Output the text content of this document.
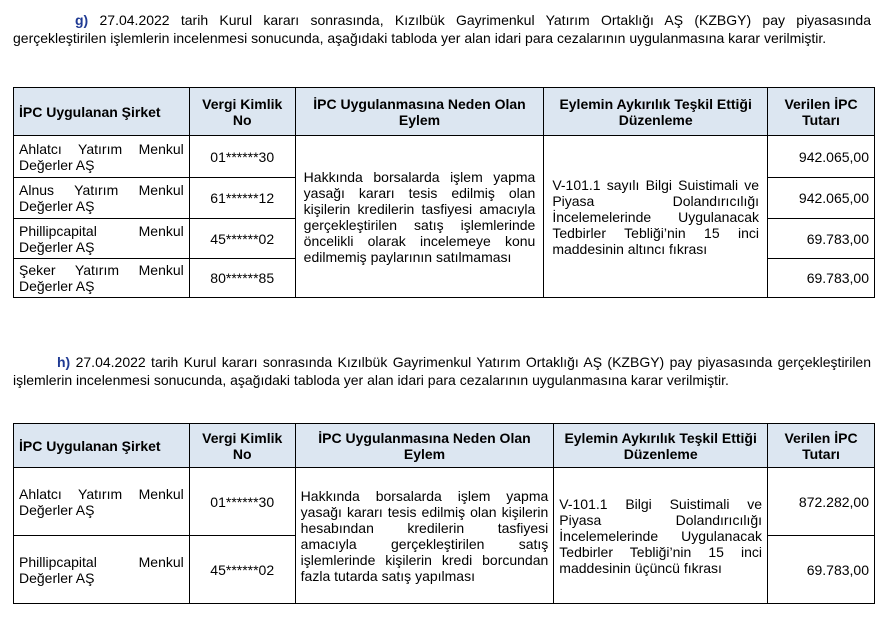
g) 27.04.2022 tarih Kurul kararı sonrasında, Kızılbük Gayrimenkul Yatırım Ortaklığı AŞ (KZBGY) pay piyasasında gerçekleştirilen işlemlerin incelenmesi sonucunda, aşağıdaki tabloda yer alan idari para cezalarının uygulanmasına karar verilmiştir.
İPC Uygulanan Şirket	Vergi Kimlik No	İPC Uygulanmasına Neden Olan Eylem	Eylemin Aykırılık Teşkil Ettiği Düzenleme	Verilen İPC Tutarı
Ahlatcı Yatırım Menkul Değerler AŞ	01******30	Hakkında borsalarda işlem yapma yasağı kararı tesis edilmiş olan kişilerin kredilerin tasfiyesi amacıyla gerçekleştirilen satış işlemlerinde öncelikli olarak incelemeye konu edilmemiş paylarının satılmaması	V-101.1 sayılı Bilgi Suistimali ve Piyasa Dolandırıcılığı İncelemelerinde Uygulanacak Tedbirler Tebliği’nin 15 inci maddesinin altıncı fıkrası	942.065,00
Alnus Yatırım Menkul Değerler AŞ	61******12			942.065,00
Phillipcapital Menkul Değerler AŞ	45******02			69.783,00
Şeker Yatırım Menkul Değerler AŞ	80******85			69.783,00
h) 27.04.2022 tarih Kurul kararı sonrasında Kızılbük Gayrimenkul Yatırım Ortaklığı AŞ (KZBGY) pay piyasasında gerçekleştirilen işlemlerin incelenmesi sonucunda, aşağıdaki tabloda yer alan idari para cezalarının uygulanmasına karar verilmiştir.
İPC Uygulanan Şirket	Vergi Kimlik No	İPC Uygulanmasına Neden Olan Eylem	Eylemin Aykırılık Teşkil Ettiği Düzenleme	Verilen İPC Tutarı
Ahlatcı Yatırım Menkul Değerler AŞ	01******30	Hakkında borsalarda işlem yapma yasağı kararı tesis edilmiş olan kişilerin hesabından kredilerin tasfiyesi amacıyla gerçekleştirilen satış işlemlerinde kişilerin kredi borcundan fazla tutarda satış yapılması	V-101.1 Bilgi Suistimali ve Piyasa Dolandırıcılığı İncelemelerinde Uygulanacak Tedbirler Tebliği’nin 15 inci maddesinin üçüncü fıkrası	872.282,00
Phillipcapital Menkul Değerler AŞ	45******02			69.783,00
